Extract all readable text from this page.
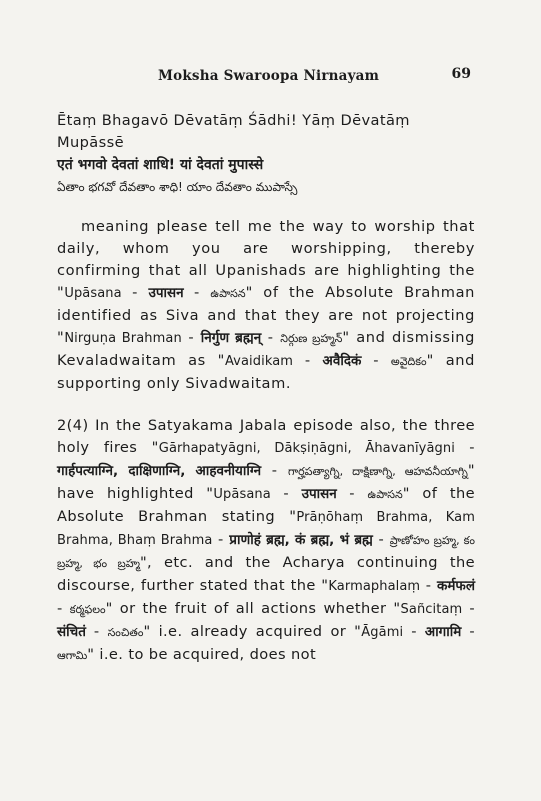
Moksha Swaroopa Nirnayam	69
Ētaṃ Bhagavō Dēvatāṃ Śādhi! Yāṃ Dēvatāṃ
Mupāssē
एतं भगवो देवतां शाधि! यां देवतां मुपास्से
ఏతాం భగవో దేవతాం శాధి! యాం దేవతాం ముపాస్సే

meaning please tell me the way to worship that daily, whom you are worshipping, thereby confirming that all Upanishads are highlighting the "Upāsana - उपासन - ఉపాసన" of the Absolute Brahman identified as Siva and that they are not projecting "Nirguṇa Brahman - निर्गुण ब्रह्मन् - నిర్గుణ బ్రహ్మన్" and dismissing Kevaladwaitam as "Avaidikam - अवैदिकं - అవైదికం" and supporting only Sivadwaitam.

2(4) In the Satyakama Jabala episode also, the three holy fires "Gārhapatyāgni, Dākṣiṇāgni, Āhavanīyāgni - गार्हपत्याग्नि, दाक्षिणाग्नि, आहवनीयाग्नि - గార్హపత్యాగ్ని, దాక్షిణాగ్ని, ఆహవనీయాగ్ని" have highlighted "Upāsana - उपासन - ఉపాసన" of the Absolute Brahman stating "Prāṇōhaṃ Brahma, Kam Brahma, Bhaṃ Brahma - प्राणोहं ब्रह्म, कं ब्रह्म, भं ब्रह्म - ప్రాణోహం బ్రహ్మ, కం బ్రహ్మ, భం బ్రహ్మ", etc. and the Acharya continuing the discourse, further stated that the "Karmaphalaṃ - कर्मफलं - కర్మఫలం" or the fruit of all actions whether "Sañcitaṃ - संचितं - సంచితం" i.e. already acquired or "Āgāmi - आगामि - ఆగామి" i.e. to be acquired, does not
